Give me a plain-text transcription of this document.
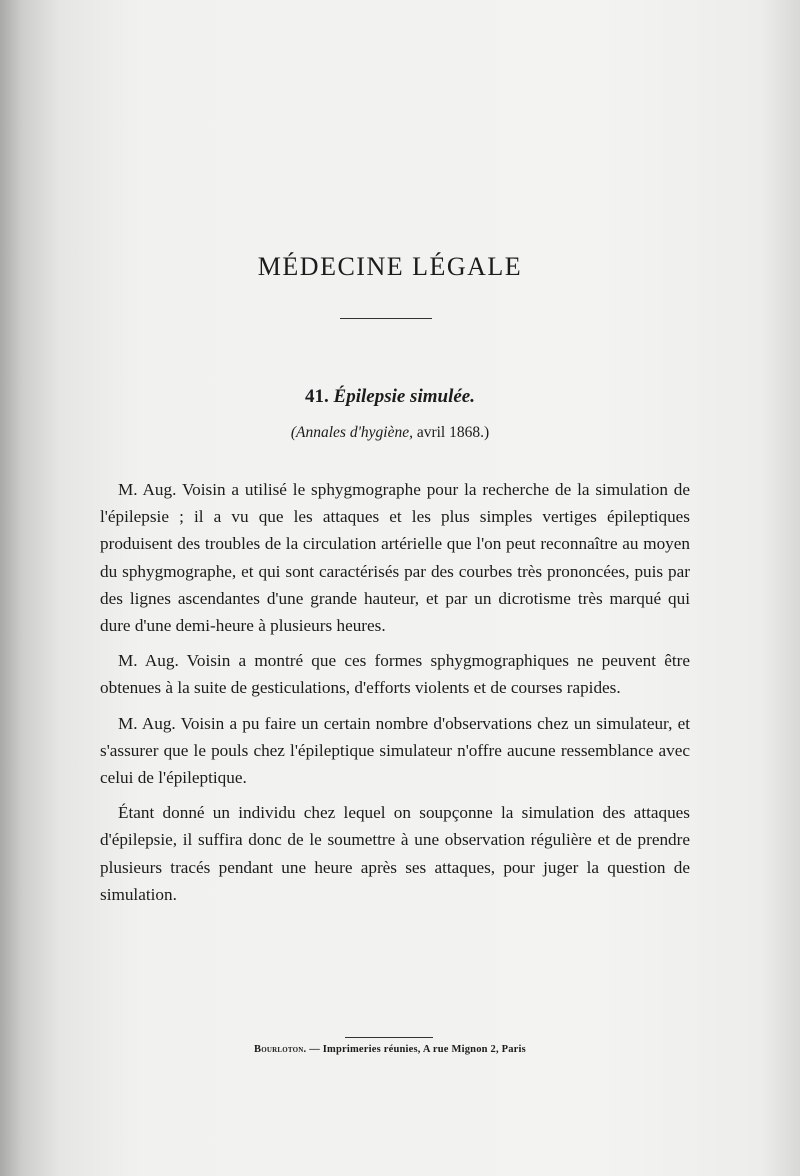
MÉDECINE LÉGALE
41. Épilepsie simulée.

(Annales d'hygiène, avril 1868.)

M. Aug. Voisin a utilisé le sphygmographe pour la recherche de la simulation de l'épilepsie ; il a vu que les attaques et les plus simples vertiges épileptiques produisent des troubles de la circulation artérielle que l'on peut reconnaître au moyen du sphygmographe, et qui sont caractérisés par des courbes très prononcées, puis par des lignes ascendantes d'une grande hauteur, et par un dicrotisme très marqué qui dure d'une demi-heure à plusieurs heures.

M. Aug. Voisin a montré que ces formes sphygmographiques ne peuvent être obtenues à la suite de gesticulations, d'efforts violents et de courses rapides.

M. Aug. Voisin a pu faire un certain nombre d'observations chez un simulateur, et s'assurer que le pouls chez l'épileptique simulateur n'offre aucune ressemblance avec celui de l'épileptique.

Étant donné un individu chez lequel on soupçonne la simulation des attaques d'épilepsie, il suffira donc de le soumettre à une observation régulière et de prendre plusieurs tracés pendant une heure après ses attaques, pour juger la question de simulation.

Bourloton. — Imprimeries réunies, A rue Mignon 2, Paris
